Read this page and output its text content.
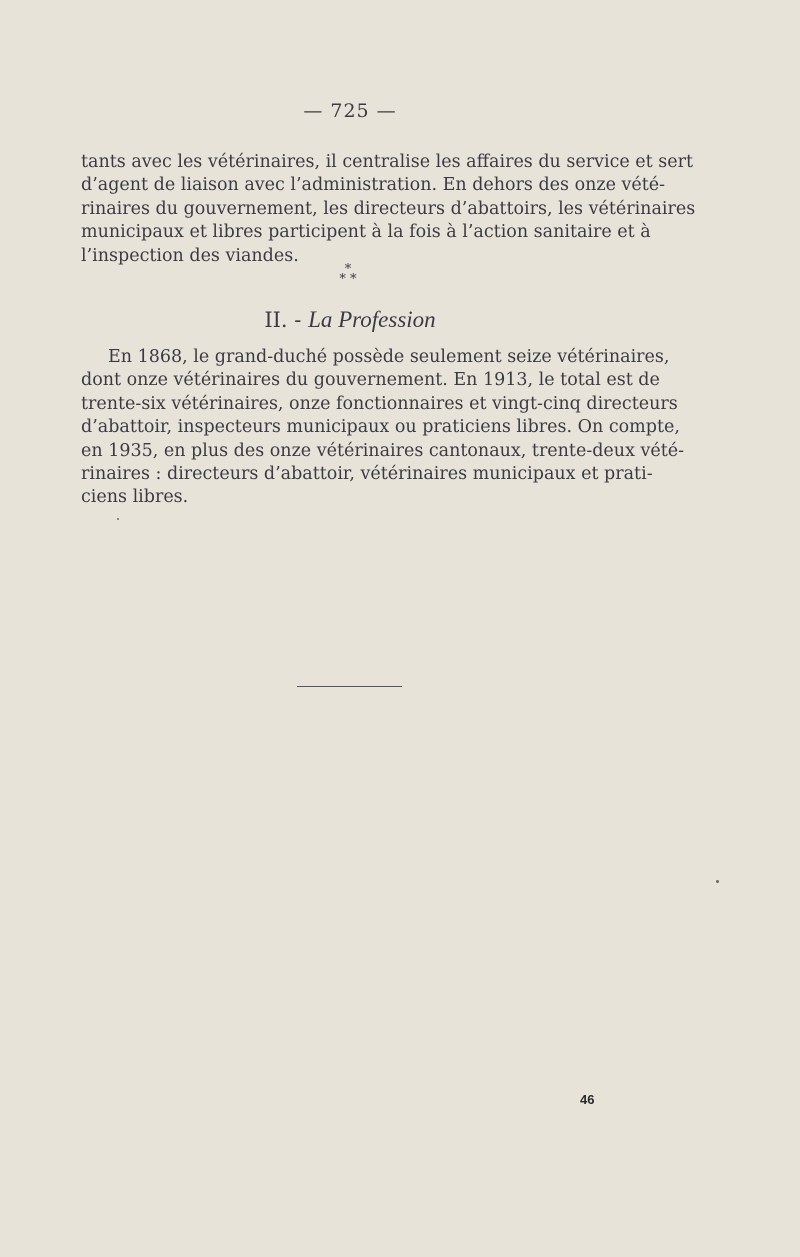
— 725 —
tants avec les vétérinaires, il centralise les affaires du service et sert
d’agent de liaison avec l’administration. En dehors des onze vété-
rinaires du gouvernement, les directeurs d’abattoirs, les vétérinaires
municipaux et libres participent à la fois à l’action sanitaire et à
l’inspection des viandes.
*
* *
II. - La Profession
En 1868, le grand-duché possède seulement seize vétérinaires,
dont onze vétérinaires du gouvernement. En 1913, le total est de
trente-six vétérinaires, onze fonctionnaires et vingt-cinq directeurs
d’abattoir, inspecteurs municipaux ou praticiens libres. On compte,
en 1935, en plus des onze vétérinaires cantonaux, trente-deux vété-
rinaires : directeurs d’abattoir, vétérinaires municipaux et prati-
ciens libres.
46
